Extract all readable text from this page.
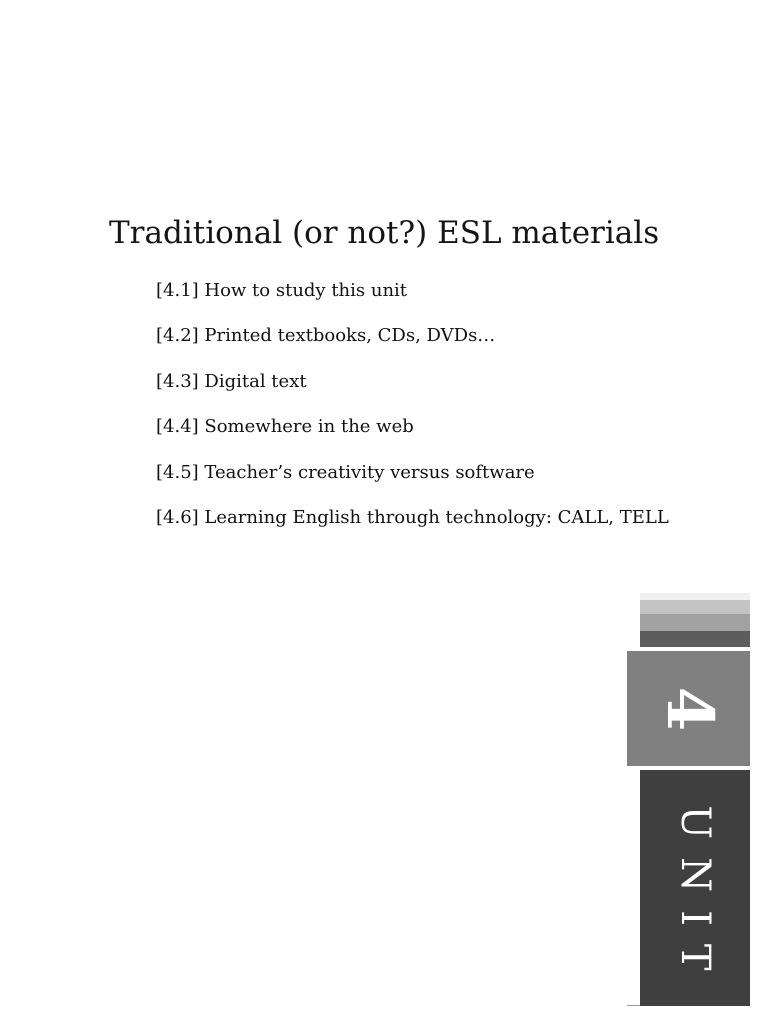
Traditional (or not?) ESL materials
[4.1] How to study this unit
[4.2] Printed textbooks, CDs, DVDs…
[4.3] Digital text
[4.4] Somewhere in the web
[4.5] Teacher’s creativity versus software
[4.6] Learning English through technology: CALL, TELL
4
UNIT
